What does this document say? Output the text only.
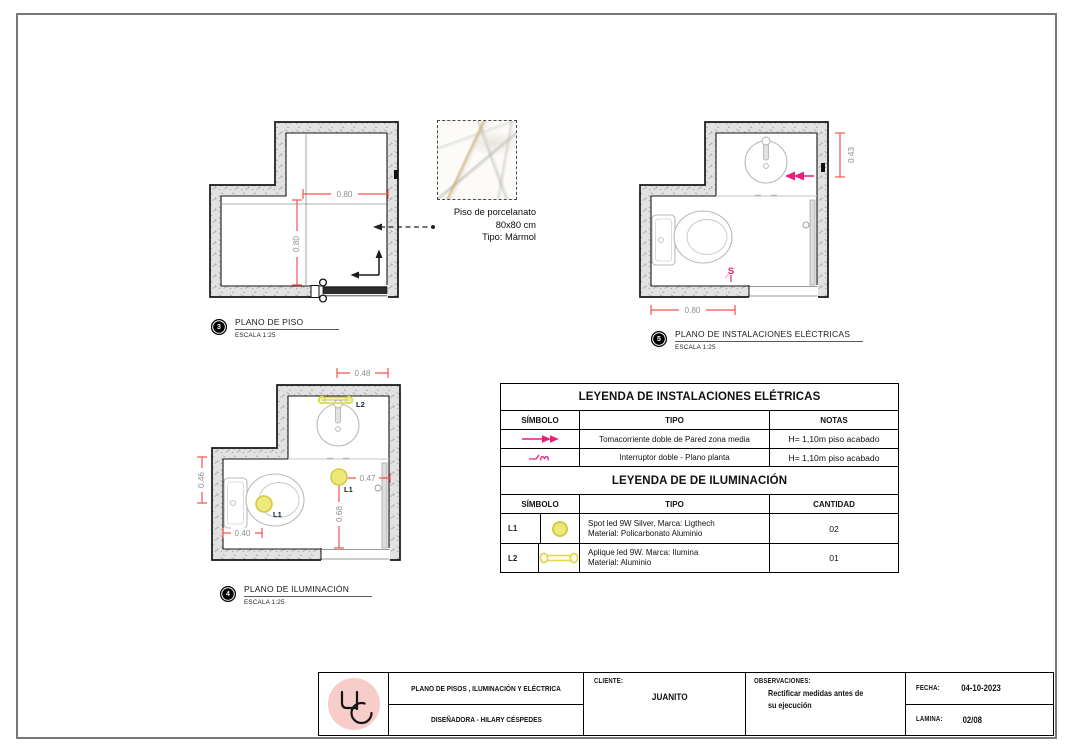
0.80
0.80
Piso de porcelanato
80x80 cm
Tipo: Mármol
S
0.43
0.80
0.48
0.46	0.47
0.68
0.40
L2
L1
L1
3 PLANO DE PISO
ESCALA 1:25	5 PLANO DE INSTALACIONES ELÉCTRICAS
ESCALA 1:25
4 PLANO DE ILUMINACIÓN
ESCALA 1:25
LEYENDA DE INSTALACIONES ELÉTRICAS
SÍMBOLO	TIPO	NOTAS
Tomacorriente doble de Pared zona media	H= 1,10m piso acabado
Interruptor doble - Plano planta	H= 1,10m piso acabado
LEYENDA DE DE ILUMINACIÓN
SÍMBOLO	TIPO	CANTIDAD
L1
Spot led 9W Silver, Marca: Ligthech
Material: Policarbonato Aluminio	02
L2
Aplique led 9W. Marca: Ilumina
Material: Aluminio	01
PLANO DE PISOS , ILUMINACIÓN Y ELÉCTRICA
DISEÑADORA - HILARY CÉSPEDES
CLIENTE:
JUANITO
OBSERVACIONES:
Rectificar medidas antes de
su ejecución
FECHA:	04-10-2023
LAMINA:	02/08
